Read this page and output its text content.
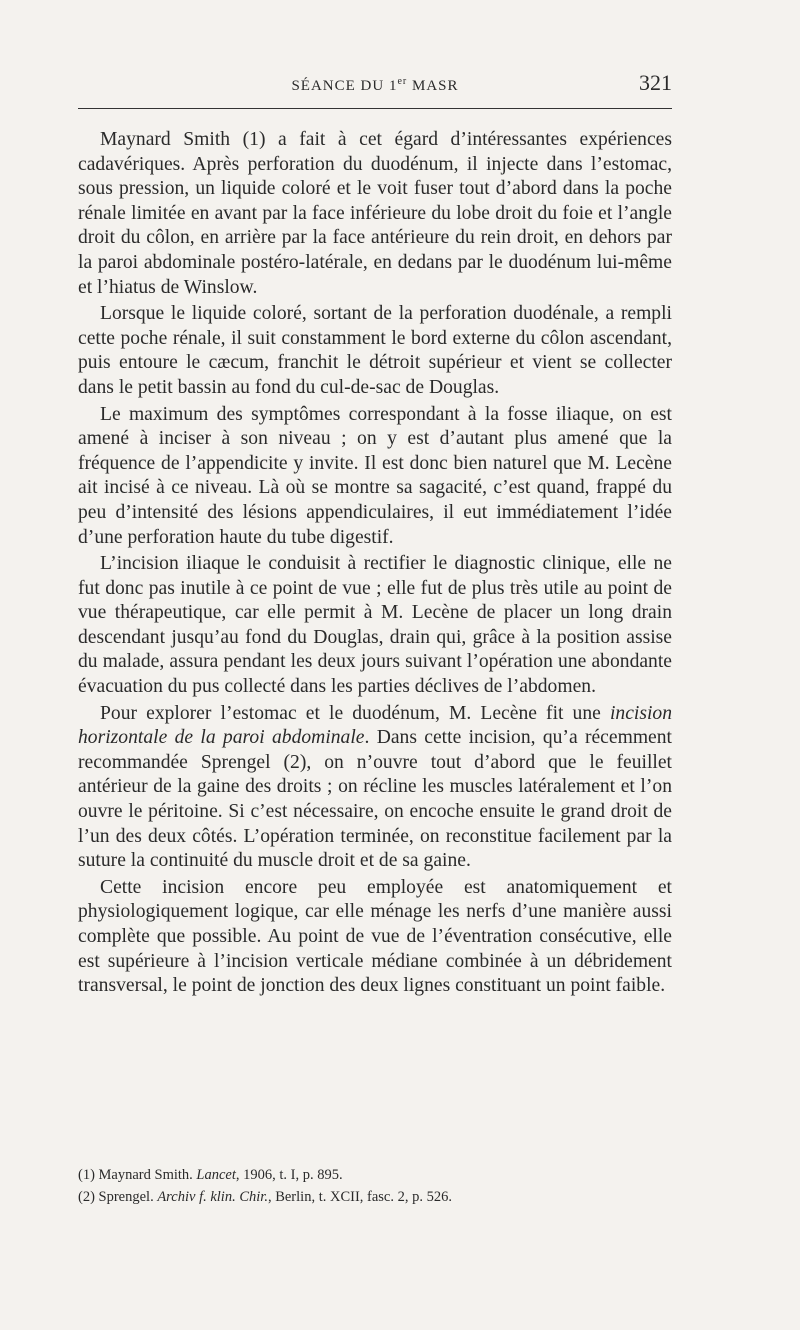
SÉANCE DU 1er MASR	321

Maynard Smith (1) a fait à cet égard d’intéressantes expériences cadavériques. Après perforation du duodénum, il injecte dans l’estomac, sous pression, un liquide coloré et le voit fuser tout d’abord dans la poche rénale limitée en avant par la face inférieure du lobe droit du foie et l’angle droit du côlon, en arrière par la face antérieure du rein droit, en dehors par la paroi abdominale postéro-latérale, en dedans par le duodénum lui-même et l’hiatus de Winslow.

Lorsque le liquide coloré, sortant de la perforation duodénale, a rempli cette poche rénale, il suit constamment le bord externe du côlon ascendant, puis entoure le cæcum, franchit le détroit supérieur et vient se collecter dans le petit bassin au fond du cul-de-sac de Douglas.

Le maximum des symptômes correspondant à la fosse iliaque, on est amené à inciser à son niveau ; on y est d’autant plus amené que la fréquence de l’appendicite y invite. Il est donc bien naturel que M. Lecène ait incisé à ce niveau. Là où se montre sa sagacité, c’est quand, frappé du peu d’intensité des lésions appendiculaires, il eut immédiatement l’idée d’une perforation haute du tube digestif.

L’incision iliaque le conduisit à rectifier le diagnostic clinique, elle ne fut donc pas inutile à ce point de vue ; elle fut de plus très utile au point de vue thérapeutique, car elle permit à M. Lecène de placer un long drain descendant jusqu’au fond du Douglas, drain qui, grâce à la position assise du malade, assura pendant les deux jours suivant l’opération une abondante évacuation du pus collecté dans les parties déclives de l’abdomen.

Pour explorer l’estomac et le duodénum, M. Lecène fit une incision horizontale de la paroi abdominale. Dans cette incision, qu’a récemment recommandée Sprengel (2), on n’ouvre tout d’abord que le feuillet antérieur de la gaine des droits ; on récline les muscles latéralement et l’on ouvre le péritoine. Si c’est nécessaire, on encoche ensuite le grand droit de l’un des deux côtés. L’opération terminée, on reconstitue facilement par la suture la continuité du muscle droit et de sa gaine.

Cette incision encore peu employée est anatomiquement et physiologiquement logique, car elle ménage les nerfs d’une manière aussi complète que possible. Au point de vue de l’éventration consécutive, elle est supérieure à l’incision verticale médiane combinée à un débridement transversal, le point de jonction des deux lignes constituant un point faible.

(1) Maynard Smith. Lancet, 1906, t. I, p. 895.

(2) Sprengel. Archiv f. klin. Chir., Berlin, t. XCII, fasc. 2, p. 526.
